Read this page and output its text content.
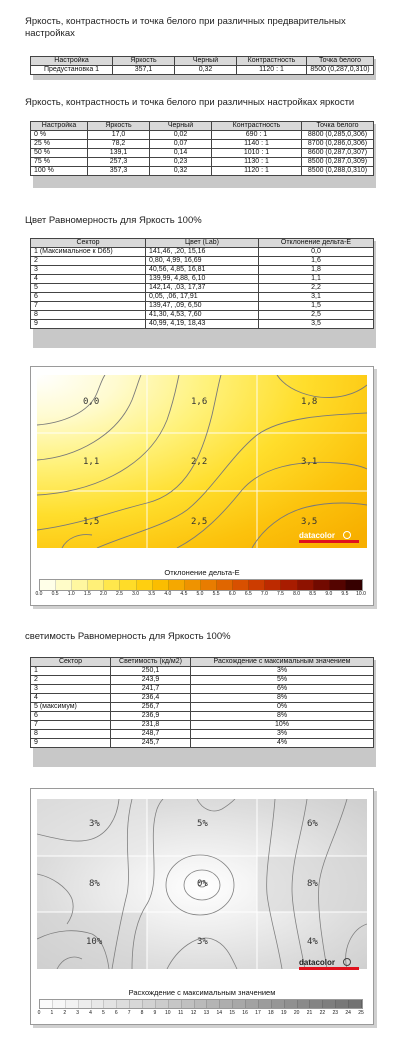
Яркость, контрастность и точка белого при различных предварительных
настройках
Настройка	Яркость	Черный	Контрастность	Точка белого
Предустановка 1	357,1	0,32	1120 : 1	8500 (0,287,0,310)
Яркость, контрастность и точка белого при различных настройках яркости
Настройка	Яркость	Черный	Контрастность	Точка белого
0 %	17,0	0,02	690 : 1	8800 (0,285,0,306)
25 %	78,2	0,07	1140 : 1	8700 (0,286,0,306)
50 %	139,1	0,14	1010 : 1	8600 (0,287,0,307)
75 %	257,3	0,23	1130 : 1	8500 (0,287,0,309)
100 %	357,3	0,32	1120 : 1	8500 (0,288,0,310)
Цвет Равномерность для Яркость 100%
Сектор	Цвет (Lab)	Отклонение дельта-E
1 (Максимальное к D65)	141,46, ,20, 15,16	0,0
2	0,80, 4,99, 16,69	1,6
3	40,56, 4,85, 16,81	1,8
4	139,99, 4,88, 6,10	1,1
5	142,14, ,03, 17,37	2,2
6	0,05, ,06, 17,91	3,1
7	139,47, ,09, 6,50	1,5
8	41,30, 4,53, 7,60	2,5
9	40,99, 4,19, 18,43	3,5
0,0	1,6	1,8
1,1	2,2	3,1
1,5	2,5	3,5
datacolor
Отклонение дельта-E
0.0	0.5	1.0	1.5	2.0	2.5	3.0	3.5	4.0	4.5	5.0	5.5	6.0	6.5	7.0	7.5	8.0	8.5	9.0	9.5	10.0
светимость Равномерность для Яркость 100%
Сектор	Светимость (кд/м2)	Расхождение с максимальным значением
1	250,1	3%
2	243,9	5%
3	241,7	6%
4	236,4	8%
5 (максимум)	256,7	0%
6	236,9	8%
7	231,8	10%
8	248,7	3%
9	245,7	4%
3%	5%	6%
8%	0%	8%
10%	3%	4%
datacolor
Расхождение с максимальным значением
0	1	2	3	4	5	6	7	8	9	10	11	12	13	14	15	16	17	18	19	20	21	22	23	24	25
